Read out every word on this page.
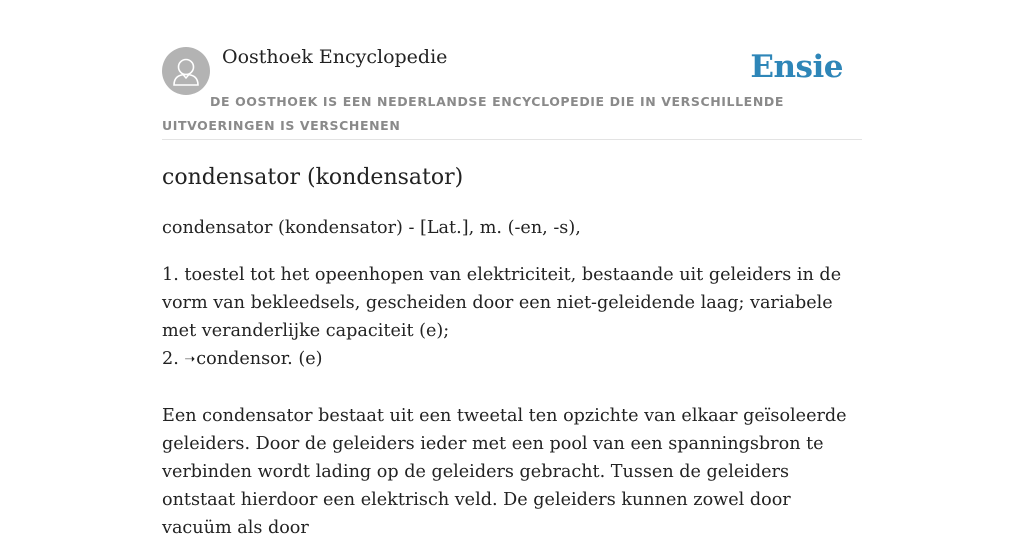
Oosthoek Encyclopedie	Ensie
DE OOSTHOEK IS EEN NEDERLANDSE ENCYCLOPEDIE DIE IN VERSCHILLENDE UITVOERINGEN IS VERSCHENEN
condensator (kondensator)

condensator (kondensator) - [Lat.], m. (-en, -s),

1. toestel tot het opeenhopen van elektriciteit, bestaande uit geleiders in de vorm van bekleedsels, gescheiden door een niet-geleidende laag; variabele met veranderlijke capaciteit (e);
2. ➝condensor. (e)

Een condensator bestaat uit een tweetal ten opzichte van elkaar geïsoleerde geleiders. Door de geleiders ieder met een pool van een spanningsbron te verbinden wordt lading op de geleiders gebracht. Tussen de geleiders ontstaat hierdoor een elektrisch veld. De geleiders kunnen zowel door vacuüm als door
